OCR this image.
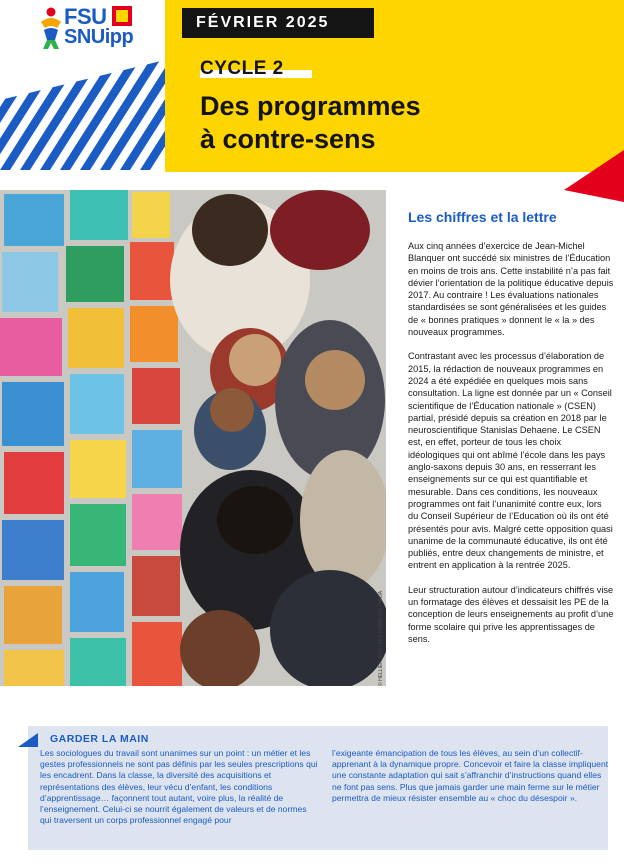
FSU
SNUipp
FÉVRIER 2025
CYCLE 2
Des programmes
à contre-sens
© HELLIER ARD / LES GOBELINS / NAJA
Les chiffres et la lettre

Aux cinq années d’exercice de Jean-Michel Blanquer ont succédé six ministres de l’Éducation en moins de trois ans. Cette instabilité n’a pas fait dévier l’orientation de la politique éducative depuis 2017. Au contraire ! Les évaluations nationales standardisées se sont généralisées et les guides de « bonnes pratiques » donnent le « la » des nouveaux programmes.

Contrastant avec les processus d’élaboration de 2015, la rédaction de nouveaux programmes en 2024 a été expédiée en quelques mois sans consultation. La ligne est donnée par un « Conseil scientifique de l’Éducation nationale » (CSEN) partial, présidé depuis sa création en 2018 par le neuroscientifique Stanislas Dehaene. Le CSEN est, en effet, porteur de tous les choix idéologiques qui ont abîmé l’école dans les pays anglo-saxons depuis 30 ans, en resserrant les enseignements sur ce qui est quantifiable et mesurable. Dans ces conditions, les nouveaux programmes ont fait l’unanimité contre eux, lors du Conseil Supérieur de l’Education où ils ont été présentés pour avis. Malgré cette opposition quasi unanime de la communauté éducative, ils ont été publiés, entre deux changements de ministre, et entrent en application à la rentrée 2025.

Leur structuration autour d’indicateurs chiffrés vise un formatage des élèves et dessaisit les PE de la conception de leurs enseignements au profit d’une forme scolaire qui prive les apprentissages de sens.

GARDER LA MAIN
Les sociologues du travail sont unanimes sur un point : un métier et les gestes professionnels ne sont pas définis par les seules prescriptions qui les encadrent. Dans la classe, la diversité des acquisitions et représentations des élèves, leur vécu d’enfant, les conditions d’apprentissage… façonnent tout autant, voire plus, la réalité de l’enseignement. Celui-ci se nourrit également de valeurs et de normes qui traversent un corps professionnel engagé pour
l’exigeante émancipation de tous les élèves, au sein d’un collectif-apprenant à la dynamique propre. Concevoir et faire la classe impliquent une constante adaptation qui sait s’affranchir d’instructions quand elles ne font pas sens. Plus que jamais garder une main ferme sur le métier permettra de mieux résister ensemble au « choc du désespoir ».
